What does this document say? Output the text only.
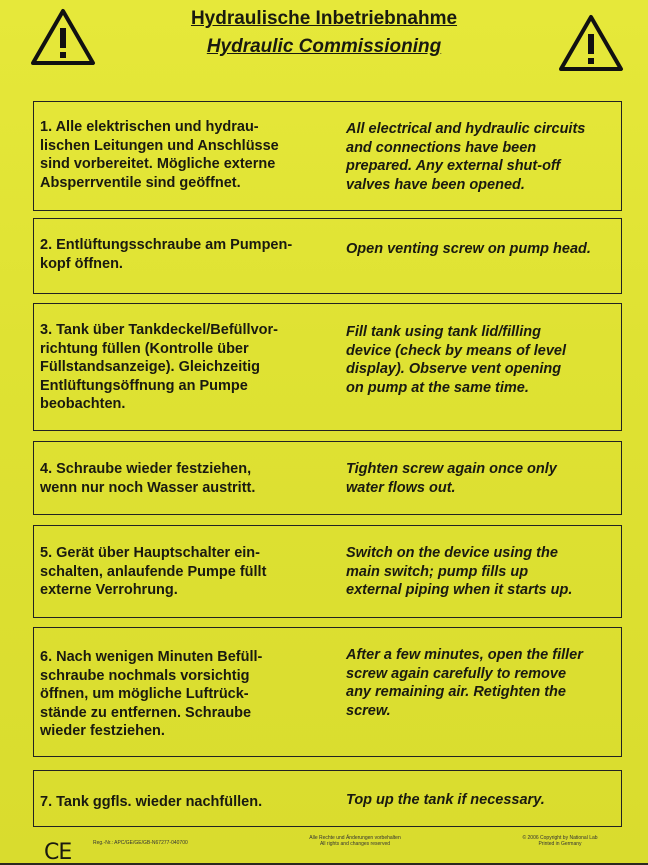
Hydraulische Inbetriebnahme
Hydraulic Commissioning
1. Alle elektrischen und hydrau-
lischen Leitungen und Anschlüsse
sind vorbereitet. Mögliche externe
Absperrventile sind geöffnet.
All electrical and hydraulic circuits
and connections have been
prepared. Any external shut-off
valves have been opened.
2. Entlüftungsschraube am Pumpen-
kopf öffnen.
Open venting screw on pump head.
3. Tank über Tankdeckel/Befüllvor-
richtung füllen (Kontrolle über
Füllstandsanzeige). Gleichzeitig
Entlüftungsöffnung an Pumpe
beobachten.
Fill tank using tank lid/filling
device (check by means of level
display). Observe vent opening
on pump at the same time.
4. Schraube wieder festziehen,
wenn nur noch Wasser austritt.
Tighten screw again once only
water flows out.
5. Gerät über Hauptschalter ein-
schalten, anlaufende Pumpe füllt
externe Verrohrung.
Switch on the device using the
main switch; pump fills up
external piping when it starts up.
6. Nach wenigen Minuten Befüll-
schraube nochmals vorsichtig
öffnen, um mögliche Luftrück-
stände zu entfernen. Schraube
wieder festziehen.
After a few minutes, open the filler
screw again carefully to remove
any remaining air. Retighten the
screw.
7. Tank ggfls. wieder nachfüllen.	Top up the tank if necessary.
Reg.-Nr.: APC/GE/GE/GB-N67277-040700
Alle Rechte und Änderungen vorbehalten
All rights and changes reserved
© 2006 Copyright by National Lab
Printed in Germany
CE
